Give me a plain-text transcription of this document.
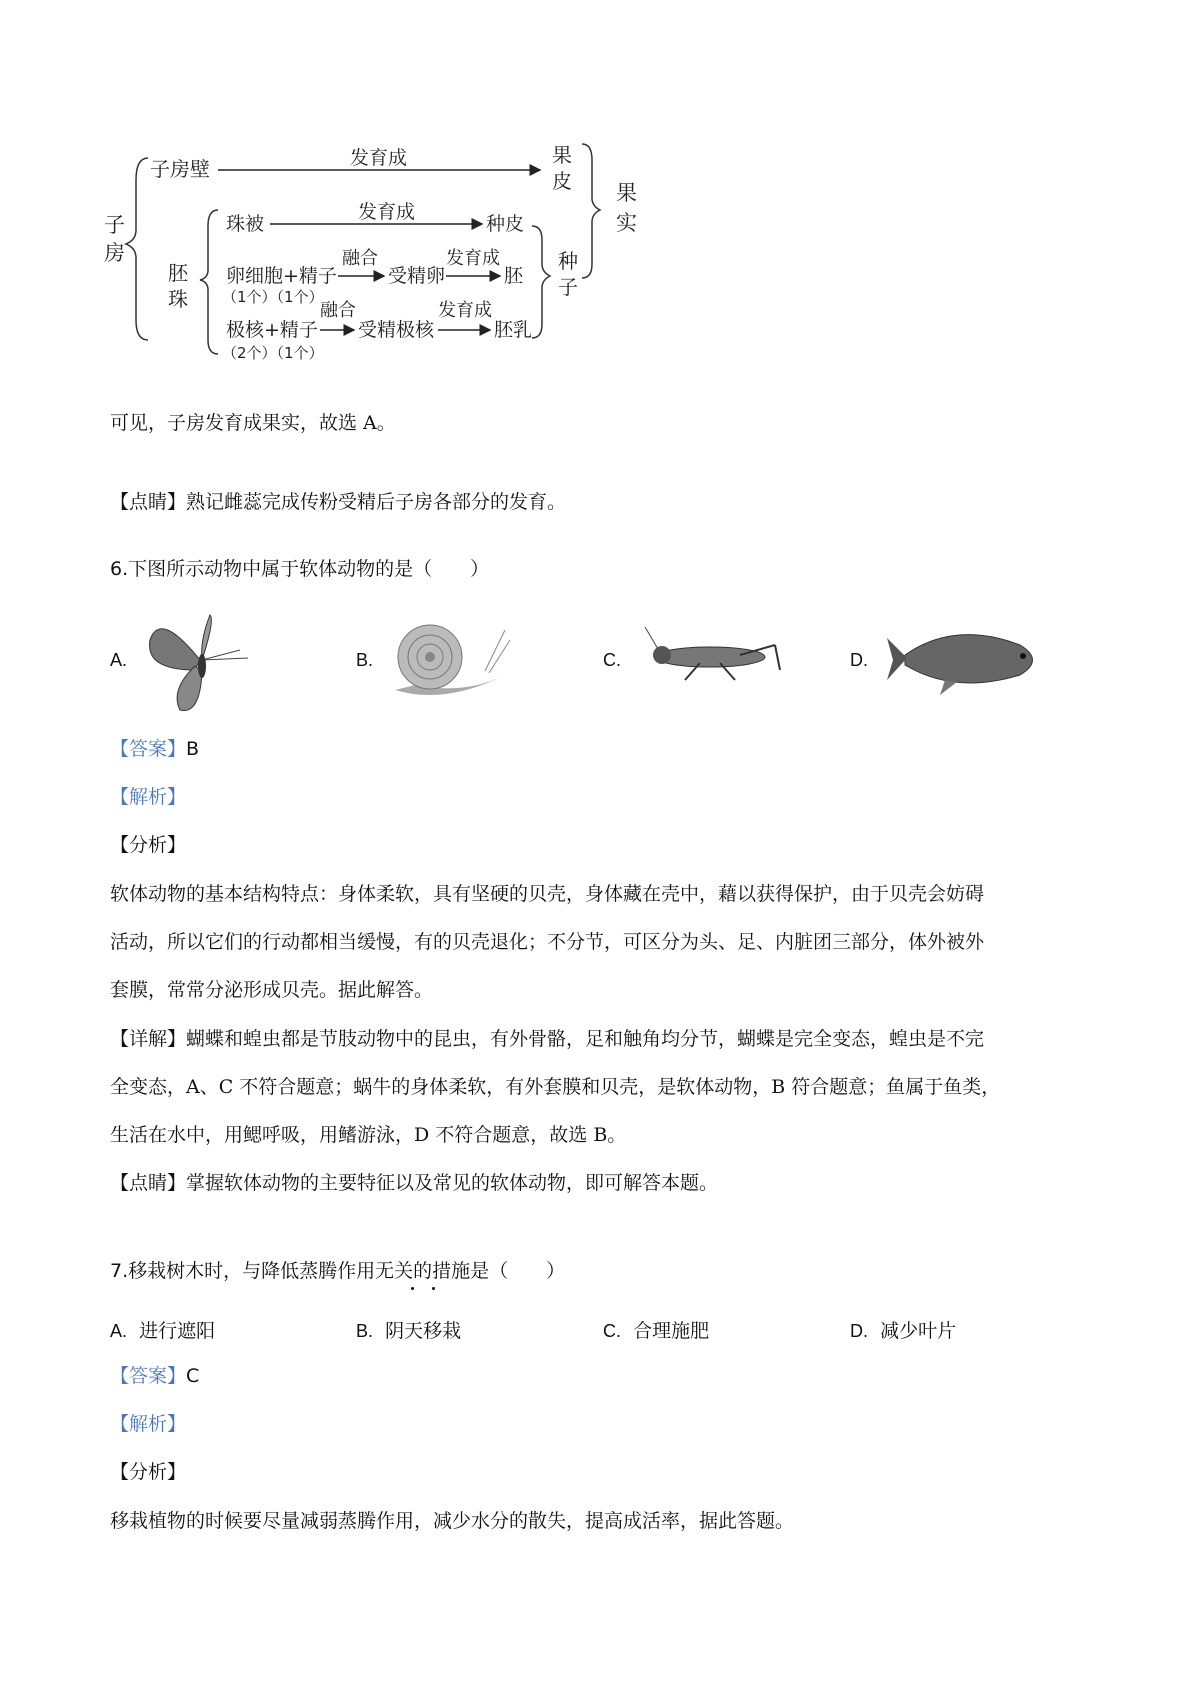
子
房
子房壁	发育成	果
皮 果
实
胚
珠
珠被
发育成
种皮
种
子
卵细胞+精子
（1个）（1个）
融合
受精卵
发育成
胚
极核+精子
（2个）（1个）
融合
受精极核
发育成
胚乳
可见，子房发育成果实，故选 A。
【点睛】熟记雌蕊完成传粉受精后子房各部分的发育。
6.下图所示动物中属于软体动物的是（　　）
A.	B.	C.	D.
【答案】B
【解析】
【分析】
软体动物的基本结构特点：身体柔软，具有坚硬的贝壳，身体藏在壳中，藉以获得保护，由于贝壳会妨碍
活动，所以它们的行动都相当缓慢，有的贝壳退化；不分节，可区分为头、足、内脏团三部分，体外被外
套膜，常常分泌形成贝壳。据此解答。
【详解】蝴蝶和蝗虫都是节肢动物中的昆虫，有外骨骼，足和触角均分节，蝴蝶是完全变态，蝗虫是不完
全变态，A、C 不符合题意；蜗牛的身体柔软，有外套膜和贝壳，是软体动物，B 符合题意；鱼属于鱼类，
生活在水中，用鳃呼吸，用鳍游泳，D 不符合题意，故选 B。
【点睛】掌握软体动物的主要特征以及常见的软体动物，即可解答本题。
7.移栽树木时，与降低蒸腾作用无关的措施是（　　）
A. 进行遮阳	B. 阴天移栽	C. 合理施肥	D. 减少叶片
【答案】C
【解析】
【分析】
移栽植物的时候要尽量减弱蒸腾作用，减少水分的散失，提高成活率，据此答题。
